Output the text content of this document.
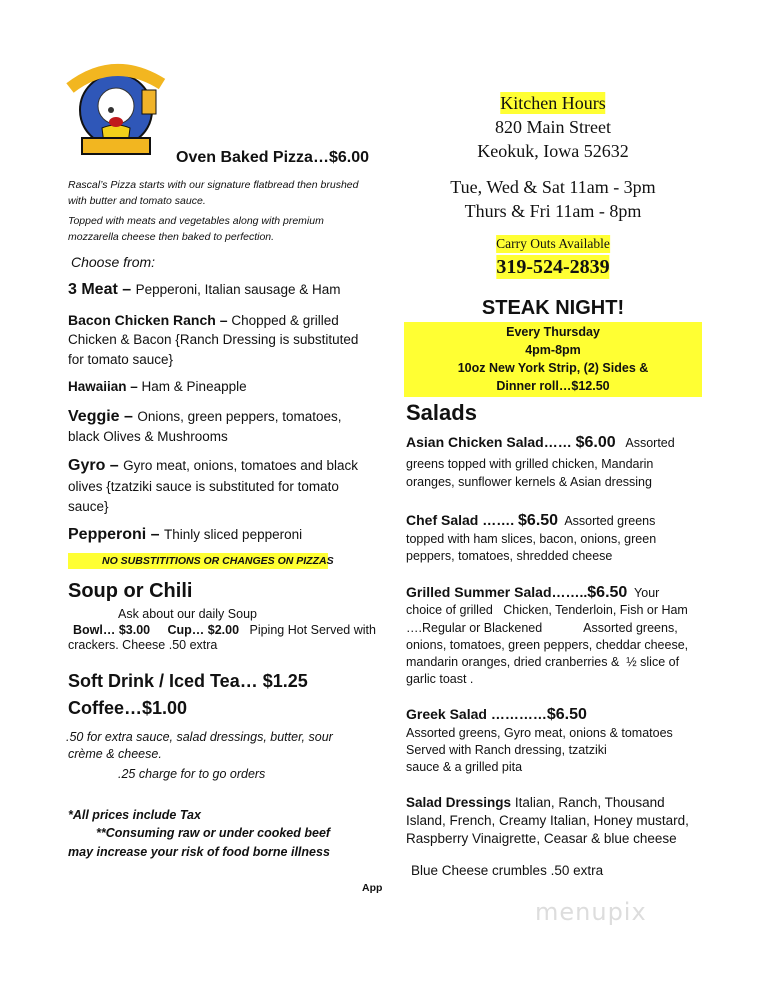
Oven Baked Pizza…$6.00
Rascal’s Pizza starts with our signature flatbread then brushed
with butter and tomato sauce.
Topped with meats and vegetables along with premium
mozzarella cheese then baked to perfection.
Choose from:
3 Meat – Pepperoni, Italian sausage & Ham
Bacon Chicken Ranch – Chopped & grilled
Chicken & Bacon {Ranch Dressing is substituted
for tomato sauce}
Hawaiian – Ham & Pineapple
Veggie – Onions, green peppers, tomatoes,
black Olives & Mushrooms
Gyro – Gyro meat, onions, tomatoes and black
olives {tzatziki sauce is substituted for tomato
sauce}
Pepperoni – Thinly sliced pepperoni
NO SUBSTITITIONS OR CHANGES ON PIZZAS
Soup or Chili
Ask about our daily Soup
Bowl… $3.00 Cup… $2.00 Piping Hot Served with
crackers. Cheese .50 extra
Soft Drink / Iced Tea… $1.25
Coffee…$1.00
.50 for extra sauce, salad dressings, butter, sour
crème & cheese.
.25 charge for to go orders
*All prices include Tax
**Consuming raw or under cooked beef
may increase your risk of food borne illness
App
Kitchen Hours
820 Main Street
Keokuk, Iowa 52632
Tue, Wed & Sat 11am - 3pm
Thurs & Fri 11am - 8pm
Carry Outs Available
319-524-2839
STEAK NIGHT!
Every Thursday
4pm-8pm
10oz New York Strip, (2) Sides &
Dinner roll…$12.50
Salads
Asian Chicken Salad…… $6.00   Assorted
greens topped with grilled chicken, Mandarin
oranges, sunflower kernels & Asian dressing
Chef Salad ……. $6.50  Assorted greens
topped with ham slices, bacon, onions, green
peppers, tomatoes, shredded cheese
Grilled Summer Salad……..$6.50  Your
choice of grilled   Chicken, Tenderloin, Fish or Ham
….Regular or Blackened            Assorted greens,
onions, tomatoes, green peppers, cheddar cheese,
mandarin oranges, dried cranberries &  ½ slice of
garlic toast .
Greek Salad …………$6.50
Assorted greens, Gyro meat, onions & tomatoes
Served with Ranch dressing, tzatziki
sauce & a grilled pita
Salad Dressings Italian, Ranch, Thousand
Island, French, Creamy Italian, Honey mustard,
Raspberry Vinaigrette, Ceasar & blue cheese
Blue Cheese crumbles .50 extra
menupix
